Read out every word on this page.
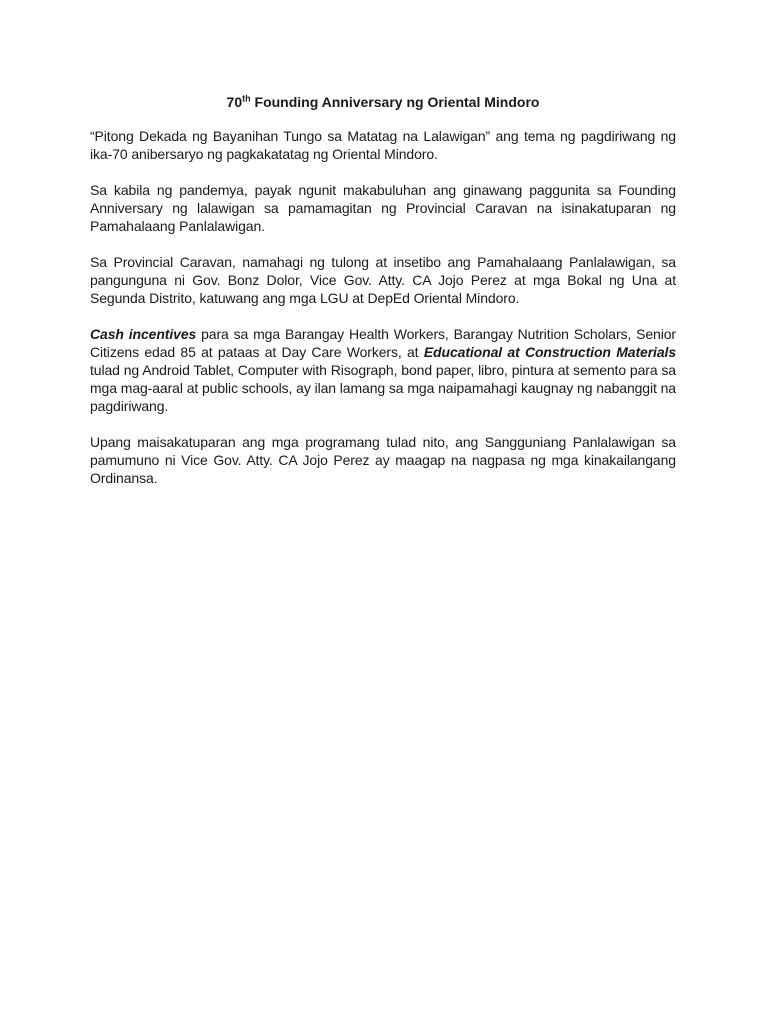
70th Founding Anniversary ng Oriental Mindoro

“Pitong Dekada ng Bayanihan Tungo sa Matatag na Lalawigan” ang tema ng pagdiriwang ng ika-70 anibersaryo ng pagkakatatag ng Oriental Mindoro.

Sa kabila ng pandemya, payak ngunit makabuluhan ang ginawang paggunita sa Founding Anniversary ng lalawigan sa pamamagitan ng Provincial Caravan na isinakatuparan ng Pamahalaang Panlalawigan.

Sa Provincial Caravan, namahagi ng tulong at insetibo ang Pamahalaang Panlalawigan, sa pangunguna ni Gov. Bonz Dolor, Vice Gov. Atty. CA Jojo Perez at mga Bokal ng Una at Segunda Distrito, katuwang ang mga LGU at DepEd Oriental Mindoro.

Cash incentives para sa mga Barangay Health Workers, Barangay Nutrition Scholars, Senior Citizens edad 85 at pataas at Day Care Workers, at Educational at Construction Materials tulad ng Android Tablet, Computer with Risograph, bond paper, libro, pintura at semento para sa mga mag-aaral at public schools, ay ilan lamang sa mga naipamahagi kaugnay ng nabanggit na pagdiriwang.

Upang maisakatuparan ang mga programang tulad nito, ang Sangguniang Panlalawigan sa pamumuno ni Vice Gov. Atty. CA Jojo Perez ay maagap na nagpasa ng mga kinakailangang Ordinansa.
